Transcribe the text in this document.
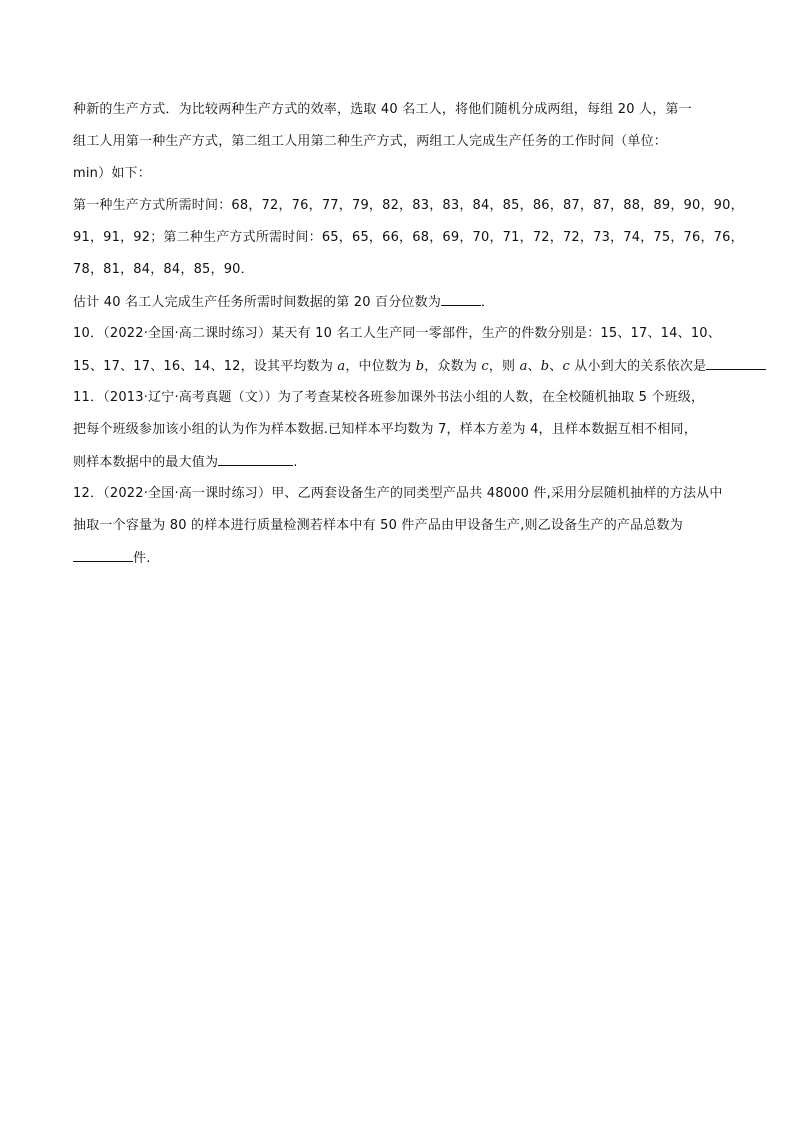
种新的生产方式．为比较两种生产方式的效率，选取 40 名工人，将他们随机分成两组，每组 20 人，第一
组工人用第一种生产方式，第二组工人用第二种生产方式，两组工人完成生产任务的工作时间（单位：
min）如下：
第一种生产方式所需时间：68，72，76，77，79，82，83，83，84，85，86，87，87，88，89，90，90，
91，91，92；第二种生产方式所需时间：65，65，66，68，69，70，71，72，72，73，74，75，76，76，
78，81，84，84，85，90．
估计 40 名工人完成生产任务所需时间数据的第 20 百分位数为	．
10．（2022·全国·高二课时练习）某天有 10 名工人生产同一零部件，生产的件数分别是：15、17、14、10、
15、17、17、16、14、12，设其平均数为 a，中位数为 b，众数为 c，则 a、b、c 从小到大的关系依次是
11．（2013·辽宁·高考真题（文））为了考查某校各班参加课外书法小组的人数，在全校随机抽取 5 个班级，
把每个班级参加该小组的认为作为样本数据.已知样本平均数为 7，样本方差为 4，且样本数据互相不相同，
则样本数据中的最大值为	.
12．（2022·全国·高一课时练习）甲、乙两套设备生产的同类型产品共 48000 件,采用分层随机抽样的方法从中
抽取一个容量为 80 的样本进行质量检测若样本中有 50 件产品由甲设备生产,则乙设备生产的产品总数为
件.
